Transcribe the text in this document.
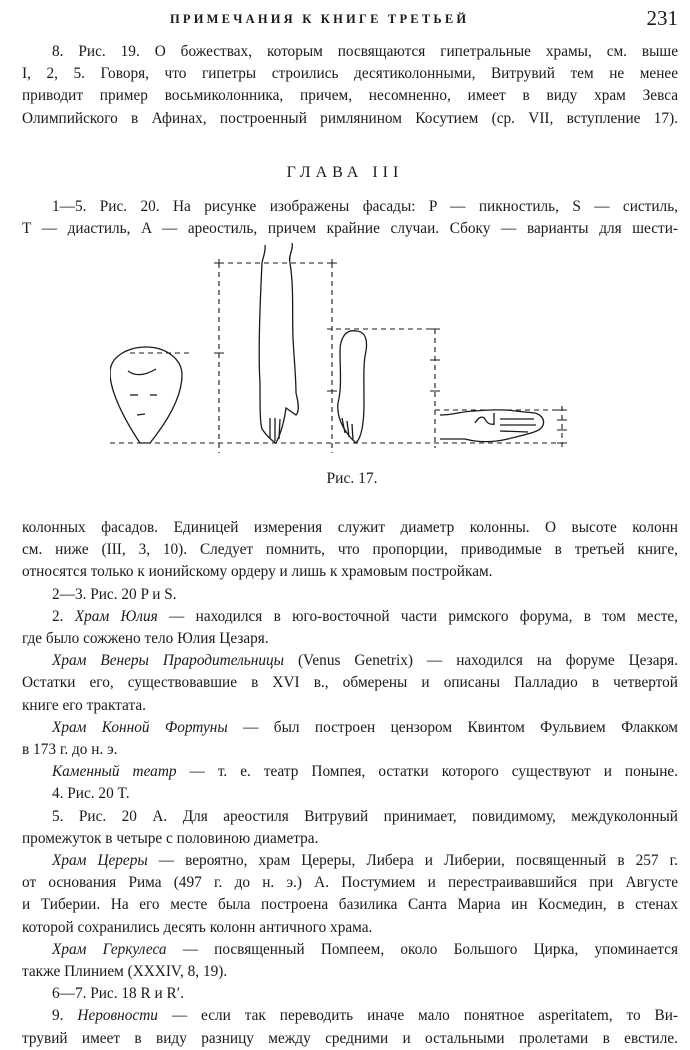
ПРИМЕЧАНИЯ К КНИГЕ ТРЕТЬЕЙ	231

8. Рис. 19. О божествах, которым посвящаются гипетральные храмы, см. выше

I, 2, 5. Говоря, что гипетры строились десятиколонными, Витрувий тем не менее

приводит пример восьмиколонника, причем, несомненно, имеет в виду храм Зевса

Олимпийского в Афинах, построенный римлянином Косутием (ср. VII, вступление 17).

ГЛАВА III

1—5. Рис. 20. На рисунке изображены фасады: P — пикностиль, S — систиль,

T — диастиль, A — ареостиль, причем крайние случаи. Сбоку — варианты для шести-

Рис. 17.

колонных фасадов. Единицей измерения служит диаметр колонны. О высоте колонн

см. ниже (III, 3, 10). Следует помнить, что пропорции, приводимые в третьей книге,

относятся только к ионийскому ордеру и лишь к храмовым постройкам.

2—3. Рис. 20 P и S.

2. Храм Юлия — находился в юго-восточной части римского форума, в том месте,

где было сожжено тело Юлия Цезаря.

Храм Венеры Прародительницы (Venus Genetrix) — находился на форуме Цезаря.

Остатки его, существовавшие в XVI в., обмерены и описаны Палладио в четвертой

книге его трактата.

Храм Конной Фортуны — был построен цензором Квинтом Фульвием Флакком

в 173 г. до н. э.

Каменный театр — т. е. театр Помпея, остатки которого существуют и поныне.

4. Рис. 20 T.

5. Рис. 20 A. Для ареостиля Витрувий принимает, повидимому, междуколонный

промежуток в четыре с половиною диаметра.

Храм Цереры — вероятно, храм Цереры, Либера и Либерии, посвященный в 257 г.

от основания Рима (497 г. до н. э.) А. Постумием и перестраивавшийся при Августе

и Тиберии. На его месте была построена базилика Санта Мариа ин Космедин, в стенах

которой сохранились десять колонн античного храма.

Храм Геркулеса — посвященный Помпеем, около Большого Цирка, упоминается

также Плинием (XXXIV, 8, 19).

6—7. Рис. 18 R и R′.

9. Неровности — если так переводить иначе мало понятное asperitatem, то Ви-

трувий имеет в виду разницу между средними и остальными пролетами в евстиле.
